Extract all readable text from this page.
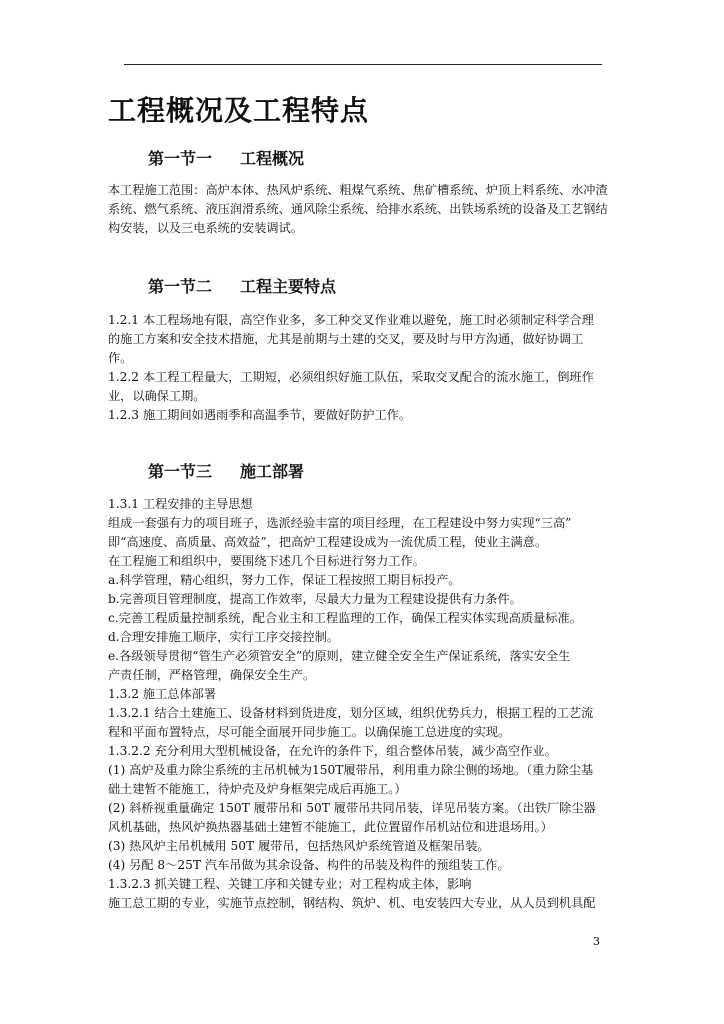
工程概况及工程特点
第一节一 工程概况
本工程施工范围：高炉本体、热风炉系统、粗煤气系统、焦矿槽系统、炉顶上料系统、水冲渣
系统、燃气系统、液压润滑系统、通风除尘系统、给排水系统、出铁场系统的设备及工艺钢结
构安装，以及三电系统的安装调试。
第一节二 工程主要特点
1.2.1 本工程场地有限，高空作业多，多工种交叉作业难以避免，施工时必须制定科学合理
的施工方案和安全技术措施，尤其是前期与土建的交叉，要及时与甲方沟通，做好协调工
作。
1.2.2 本工程工程量大，工期短，必须组织好施工队伍，采取交叉配合的流水施工，倒班作
业，以确保工期。
1.2.3 施工期间如遇雨季和高温季节，要做好防护工作。
第一节三 施工部署
1.3.1 工程安排的主导思想
组成一套强有力的项目班子，选派经验丰富的项目经理，在工程建设中努力实现“三高”
即“高速度、高质量、高效益”，把高炉工程建设成为一流优质工程，使业主满意。
在工程施工和组织中，要围绕下述几个目标进行努力工作。
a.科学管理，精心组织，努力工作，保证工程按照工期目标投产。
b.完善项目管理制度，提高工作效率，尽最大力量为工程建设提供有力条件。
c.完善工程质量控制系统，配合业主和工程监理的工作，确保工程实体实现高质量标准。
d.合理安排施工顺序，实行工序交接控制。
e.各级领导贯彻“管生产必须管安全”的原则，建立健全安全生产保证系统，落实安全生
产责任制，严格管理，确保安全生产。
1.3.2 施工总体部署
1.3.2.1 结合土建施工、设备材料到货进度，划分区域，组织优势兵力，根据工程的工艺流
程和平面布置特点，尽可能全面展开同步施工。以确保施工总进度的实现。
1.3.2.2 充分利用大型机械设备，在允许的条件下，组合整体吊装，减少高空作业。
(1) 高炉及重力除尘系统的主吊机械为150T履带吊，利用重力除尘侧的场地。（重力除尘基
础土建暂不能施工，待炉壳及炉身框架完成后再施工。）
(2) 斜桥视重量确定 150T 履带吊和 50T 履带吊共同吊装，详见吊装方案。（出铁厂除尘器
风机基础，热风炉换热器基础土建暂不能施工，此位置留作吊机站位和进退场用。）
(3) 热风炉主吊机械用 50T 履带吊，包括热风炉系统管道及框架吊装。
(4) 另配 8～25T 汽车吊做为其余设备、构件的吊装及构件的预组装工作。
1.3.2.3 抓关键工程、关键工序和关键专业；对工程构成主体，影响
施工总工期的专业，实施节点控制，钢结构、筑炉、机、电安装四大专业，从人员到机具配
3
